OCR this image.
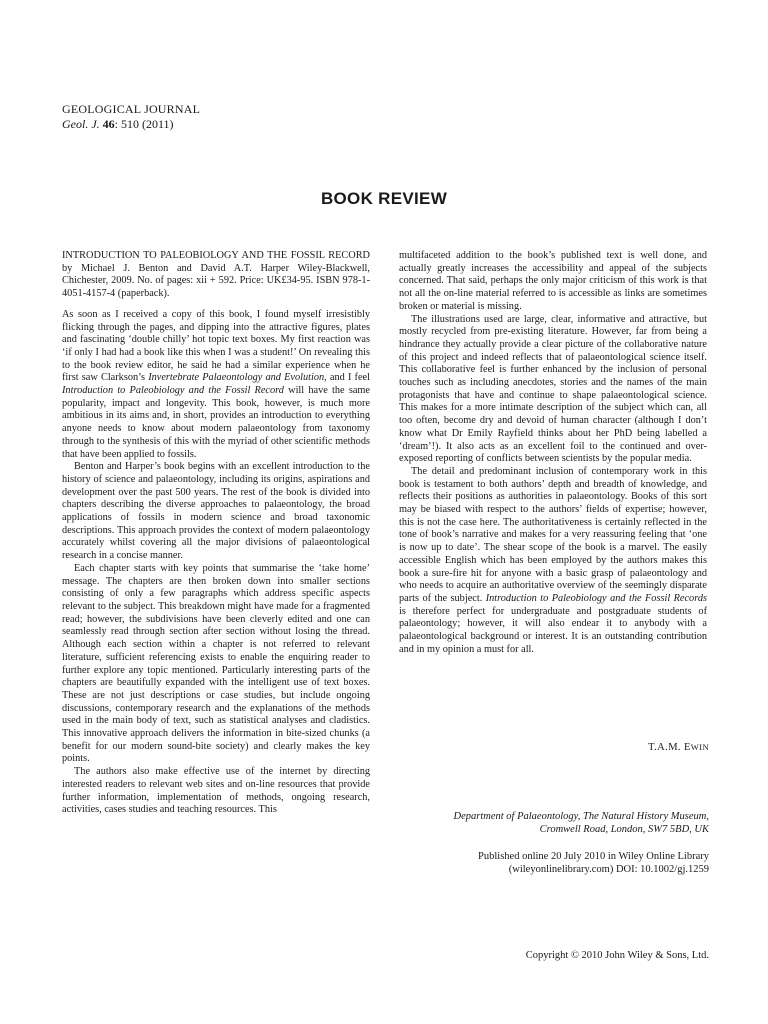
GEOLOGICAL JOURNAL
Geol. J. 46: 510 (2011)
BOOK REVIEW

INTRODUCTION TO PALEOBIOLOGY AND THE FOSSIL RECORD by Michael J. Benton and David A.T. Harper Wiley-Blackwell, Chichester, 2009. No. of pages: xii + 592. Price: UK£34-95. ISBN 978-1-4051-4157-4 (paperback).

As soon as I received a copy of this book, I found myself irresistibly flicking through the pages, and dipping into the attractive figures, plates and fascinating ‘double chilly’ hot topic text boxes. My first reaction was ‘if only I had had a book like this when I was a student!’ On revealing this to the book review editor, he said he had a similar experience when he first saw Clarkson’s Invertebrate Palaeontology and Evolution, and I feel Introduction to Paleobiology and the Fossil Record will have the same popularity, impact and longevity. This book, however, is much more ambitious in its aims and, in short, provides an introduction to everything anyone needs to know about modern palaeontology from taxonomy through to the synthesis of this with the myriad of other scientific methods that have been applied to fossils.

Benton and Harper’s book begins with an excellent introduction to the history of science and palaeontology, including its origins, aspirations and development over the past 500 years. The rest of the book is divided into chapters describing the diverse approaches to palaeontology, the broad applications of fossils in modern science and broad taxonomic descriptions. This approach provides the context of modern palaeontology accurately whilst covering all the major divisions of palaeontological research in a concise manner.

Each chapter starts with key points that summarise the ‘take home’ message. The chapters are then broken down into smaller sections consisting of only a few paragraphs which address specific aspects relevant to the subject. This breakdown might have made for a fragmented read; however, the subdivisions have been cleverly edited and one can seamlessly read through section after section without losing the thread. Although each section within a chapter is not referred to relevant literature, sufficient referencing exists to enable the enquiring reader to further explore any topic mentioned. Particularly interesting parts of the chapters are beautifully expanded with the intelligent use of text boxes. These are not just descriptions or case studies, but include ongoing discussions, contemporary research and the explanations of the methods used in the main body of text, such as statistical analyses and cladistics. This innovative approach delivers the information in bite-sized chunks (a benefit for our modern sound-bite society) and clearly makes the key points.

The authors also make effective use of the internet by directing interested readers to relevant web sites and on-line resources that provide further information, implementation of methods, ongoing research, activities, cases studies and teaching resources. This

multifaceted addition to the book’s published text is well done, and actually greatly increases the accessibility and appeal of the subjects concerned. That said, perhaps the only major criticism of this work is that not all the on-line material referred to is accessible as links are sometimes broken or material is missing.

The illustrations used are large, clear, informative and attractive, but mostly recycled from pre-existing literature. However, far from being a hindrance they actually provide a clear picture of the collaborative nature of this project and indeed reflects that of palaeontological science itself. This collaborative feel is further enhanced by the inclusion of personal touches such as including anecdotes, stories and the names of the main protagonists that have and continue to shape palaeontological science. This makes for a more intimate description of the subject which can, all too often, become dry and devoid of human character (although I don’t know what Dr Emily Rayfield thinks about her PhD being labelled a ‘dream’!). It also acts as an excellent foil to the continued and over-exposed reporting of conflicts between scientists by the popular media.

The detail and predominant inclusion of contemporary work in this book is testament to both authors’ depth and breadth of knowledge, and reflects their positions as authorities in palaeontology. Books of this sort may be biased with respect to the authors’ fields of expertise; however, this is not the case here. The authoritativeness is certainly reflected in the tone of book’s narrative and makes for a very reassuring feeling that ‘one is now up to date’. The shear scope of the book is a marvel. The easily accessible English which has been employed by the authors makes this book a sure-fire hit for anyone with a basic grasp of palaeontology and who needs to acquire an authoritative overview of the seemingly disparate parts of the subject. Introduction to Paleobiology and the Fossil Records is therefore perfect for undergraduate and postgraduate students of palaeontology; however, it will also endear it to anybody with a palaeontological background or interest. It is an outstanding contribution and in my opinion a must for all.

T.A.M. EWIN
Department of Palaeontology, The Natural History Museum,
Cromwell Road, London, SW7 5BD, UK
Published online 20 July 2010 in Wiley Online Library
(wileyonlinelibrary.com) DOI: 10.1002/gj.1259
Copyright © 2010 John Wiley & Sons, Ltd.
